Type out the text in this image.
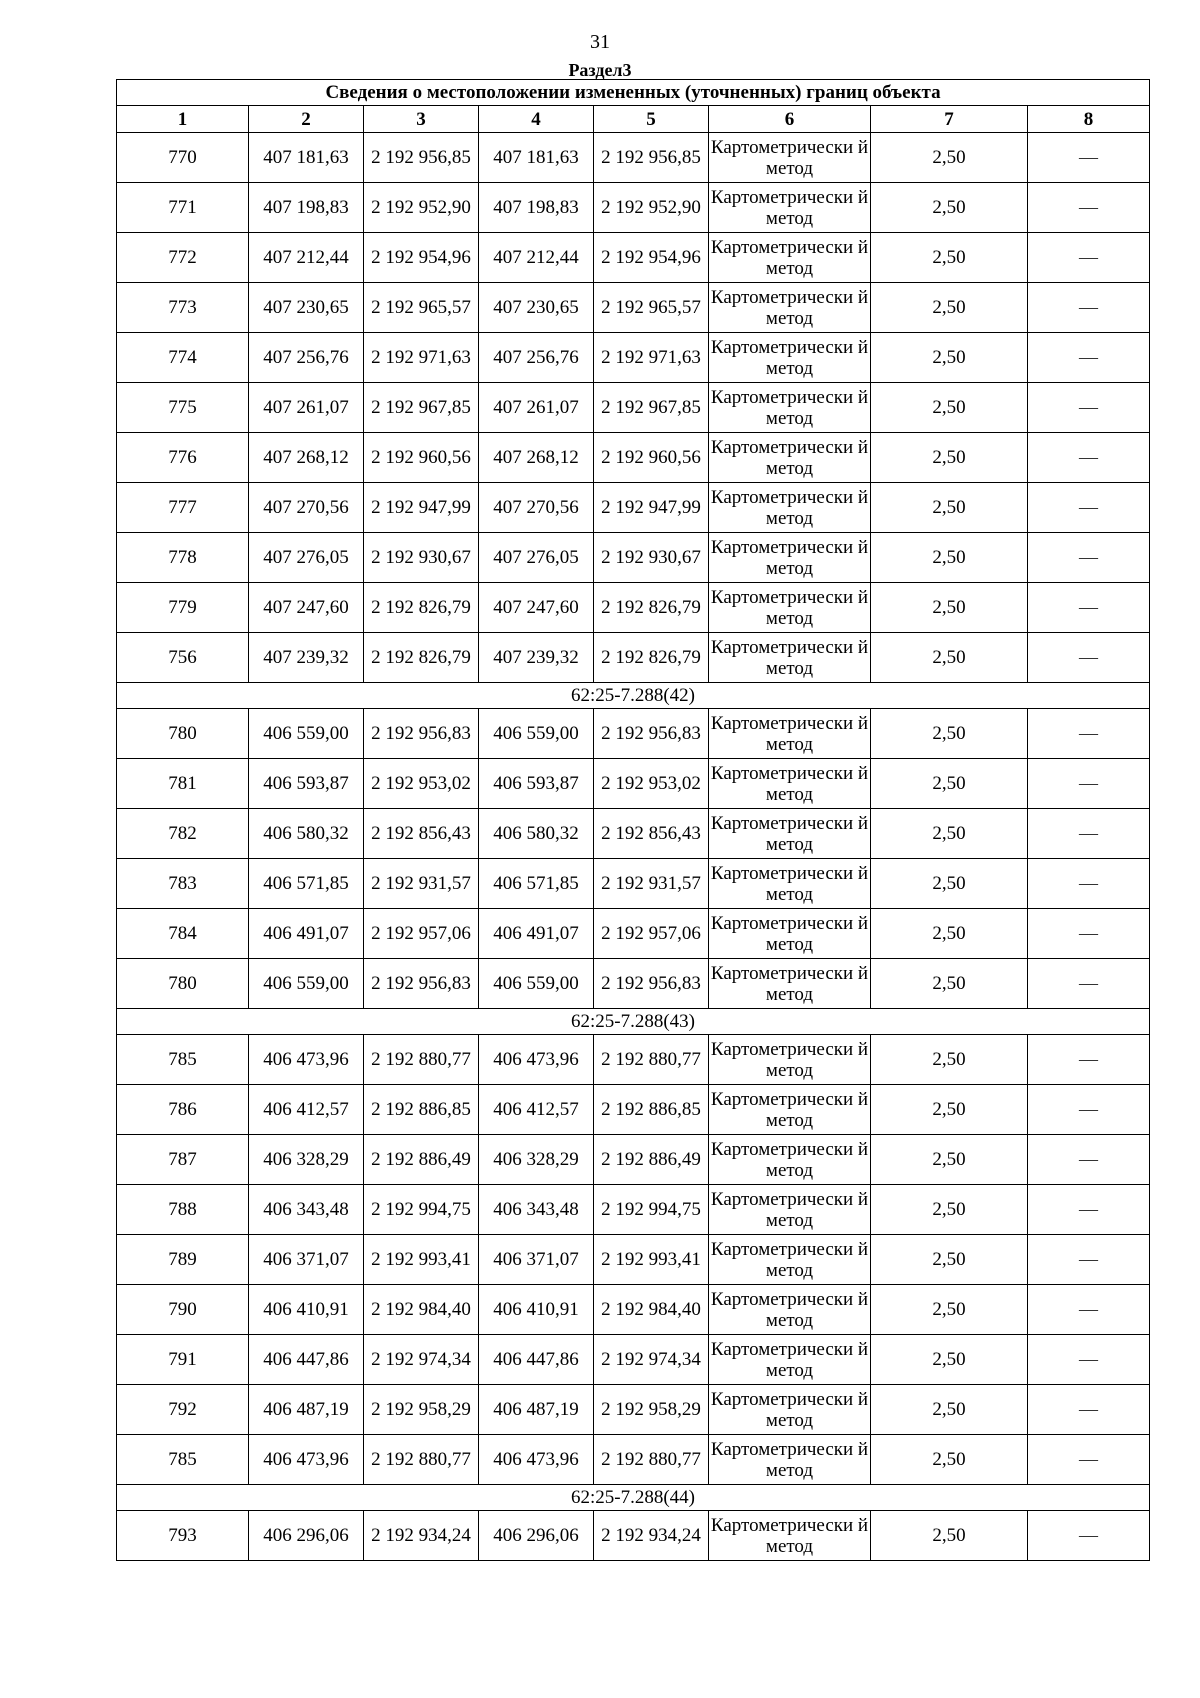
31
Раздел3
Сведения о местоположении измененных (уточненных) границ объекта							
1	2	3	4	5	6	7	8
770	407 181,63	2 192 956,85	407 181,63	2 192 956,85	Картометрически й метод	2,50	—
771	407 198,83	2 192 952,90	407 198,83	2 192 952,90	Картометрически й метод	2,50	—
772	407 212,44	2 192 954,96	407 212,44	2 192 954,96	Картометрически й метод	2,50	—
773	407 230,65	2 192 965,57	407 230,65	2 192 965,57	Картометрически й метод	2,50	—
774	407 256,76	2 192 971,63	407 256,76	2 192 971,63	Картометрически й метод	2,50	—
775	407 261,07	2 192 967,85	407 261,07	2 192 967,85	Картометрически й метод	2,50	—
776	407 268,12	2 192 960,56	407 268,12	2 192 960,56	Картометрически й метод	2,50	—
777	407 270,56	2 192 947,99	407 270,56	2 192 947,99	Картометрически й метод	2,50	—
778	407 276,05	2 192 930,67	407 276,05	2 192 930,67	Картометрически й метод	2,50	—
779	407 247,60	2 192 826,79	407 247,60	2 192 826,79	Картометрически й метод	2,50	—
756	407 239,32	2 192 826,79	407 239,32	2 192 826,79	Картометрически й метод	2,50	—
62:25-7.288(42)							
780	406 559,00	2 192 956,83	406 559,00	2 192 956,83	Картометрически й метод	2,50	—
781	406 593,87	2 192 953,02	406 593,87	2 192 953,02	Картометрически й метод	2,50	—
782	406 580,32	2 192 856,43	406 580,32	2 192 856,43	Картометрически й метод	2,50	—
783	406 571,85	2 192 931,57	406 571,85	2 192 931,57	Картометрически й метод	2,50	—
784	406 491,07	2 192 957,06	406 491,07	2 192 957,06	Картометрически й метод	2,50	—
780	406 559,00	2 192 956,83	406 559,00	2 192 956,83	Картометрически й метод	2,50	—
62:25-7.288(43)							
785	406 473,96	2 192 880,77	406 473,96	2 192 880,77	Картометрически й метод	2,50	—
786	406 412,57	2 192 886,85	406 412,57	2 192 886,85	Картометрически й метод	2,50	—
787	406 328,29	2 192 886,49	406 328,29	2 192 886,49	Картометрически й метод	2,50	—
788	406 343,48	2 192 994,75	406 343,48	2 192 994,75	Картометрически й метод	2,50	—
789	406 371,07	2 192 993,41	406 371,07	2 192 993,41	Картометрически й метод	2,50	—
790	406 410,91	2 192 984,40	406 410,91	2 192 984,40	Картометрически й метод	2,50	—
791	406 447,86	2 192 974,34	406 447,86	2 192 974,34	Картометрически й метод	2,50	—
792	406 487,19	2 192 958,29	406 487,19	2 192 958,29	Картометрически й метод	2,50	—
785	406 473,96	2 192 880,77	406 473,96	2 192 880,77	Картометрически й метод	2,50	—
62:25-7.288(44)							
793	406 296,06	2 192 934,24	406 296,06	2 192 934,24	Картометрически й метод	2,50	—
